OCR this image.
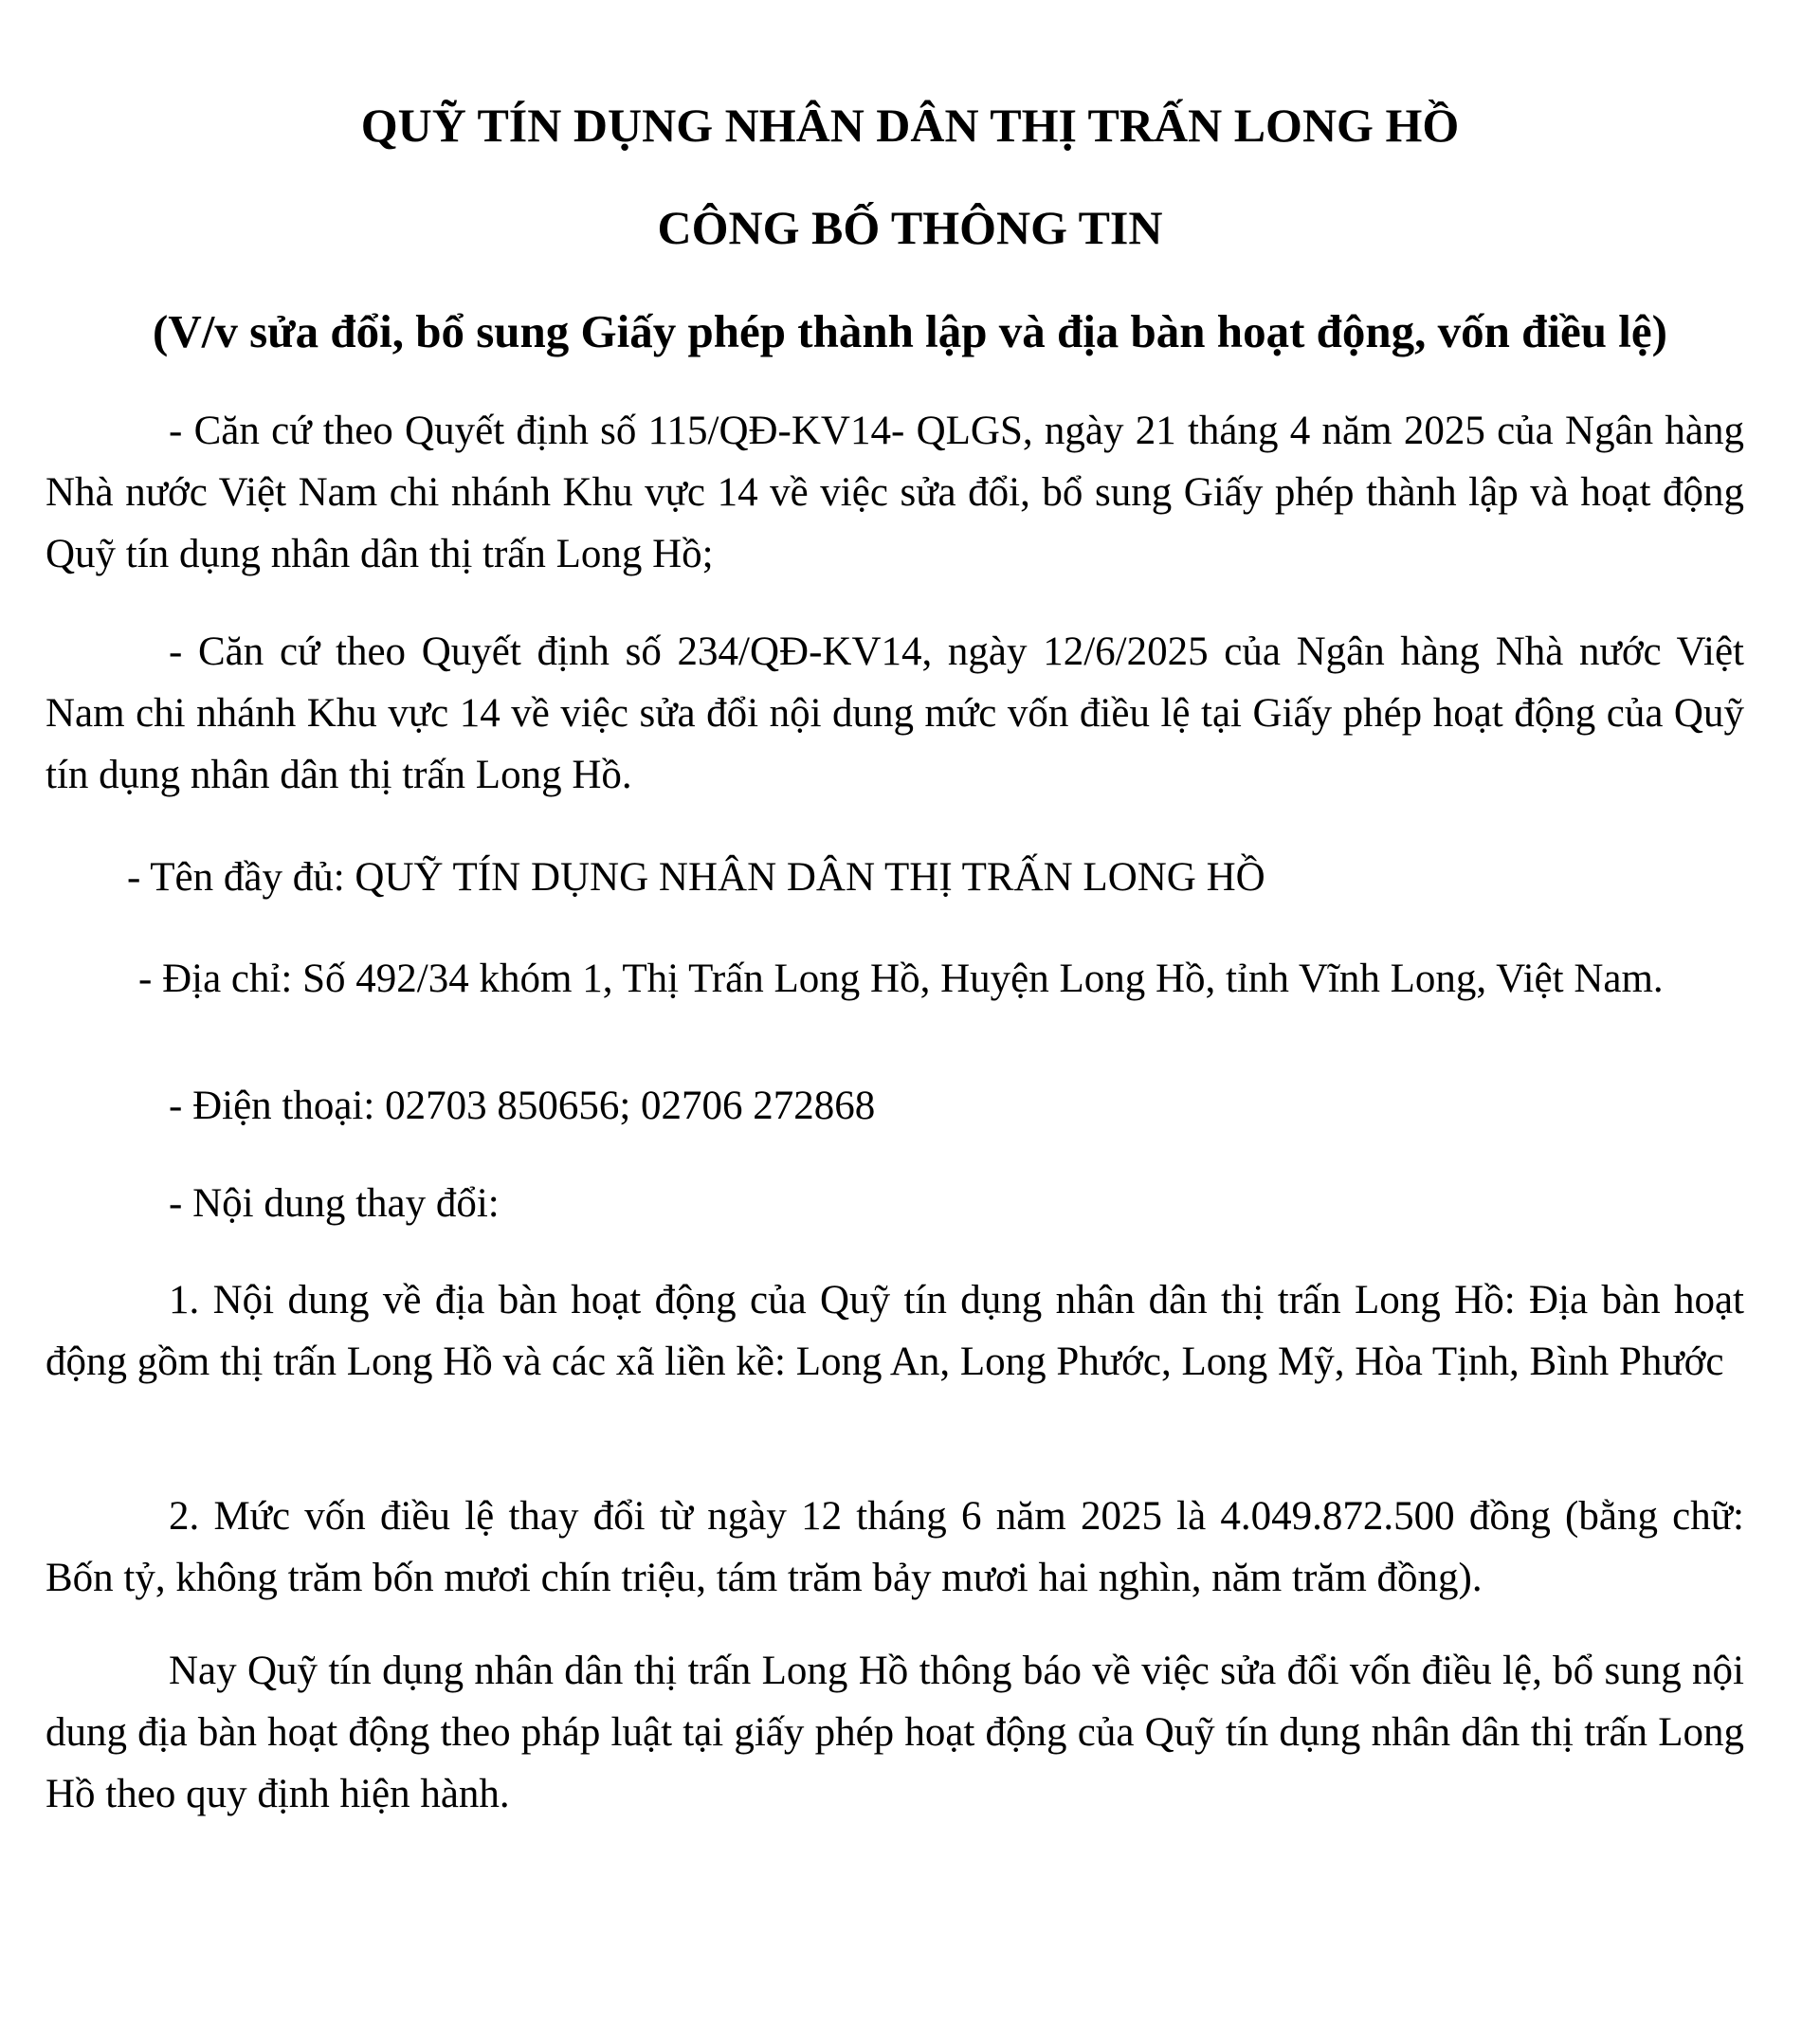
QUỸ TÍN DỤNG NHÂN DÂN THỊ TRẤN LONG HỒ
CÔNG BỐ THÔNG TIN
(V/v sửa đổi, bổ sung Giấy phép thành lập và địa bàn hoạt động, vốn điều lệ)
- Căn cứ theo Quyết định số 115/QĐ-KV14- QLGS, ngày 21 tháng 4 năm 2025 của Ngân hàng Nhà nước Việt Nam chi nhánh Khu vực 14 về việc sửa đổi, bổ sung Giấy phép thành lập và hoạt động Quỹ tín dụng nhân dân thị trấn Long Hồ;
- Căn cứ theo Quyết định số 234/QĐ-KV14, ngày 12/6/2025 của Ngân hàng Nhà nước Việt Nam chi nhánh Khu vực 14 về việc sửa đổi nội dung mức vốn điều lệ tại Giấy phép hoạt động của Quỹ tín dụng nhân dân thị trấn Long Hồ.
- Tên đầy đủ: QUỸ TÍN DỤNG NHÂN DÂN THỊ TRẤN LONG HỒ
- Địa chỉ: Số 492/34 khóm 1, Thị Trấn Long Hồ, Huyện Long Hồ, tỉnh Vĩnh Long, Việt Nam.
- Điện thoại: 02703 850656; 02706 272868
- Nội dung thay đổi:
1. Nội dung về địa bàn hoạt động của Quỹ tín dụng nhân dân thị trấn Long Hồ: Địa bàn hoạt động gồm thị trấn Long Hồ và các xã liền kề: Long An, Long Phước, Long Mỹ, Hòa Tịnh, Bình Phước
2. Mức vốn điều lệ thay đổi từ ngày 12 tháng 6 năm 2025 là 4.049.872.500 đồng (bằng chữ: Bốn tỷ, không trăm bốn mươi chín triệu, tám trăm bảy mươi hai nghìn, năm trăm đồng).
Nay Quỹ tín dụng nhân dân thị trấn Long Hồ thông báo về việc sửa đổi vốn điều lệ, bổ sung nội dung địa bàn hoạt động theo pháp luật tại giấy phép hoạt động của Quỹ tín dụng nhân dân thị trấn Long Hồ theo quy định hiện hành.
